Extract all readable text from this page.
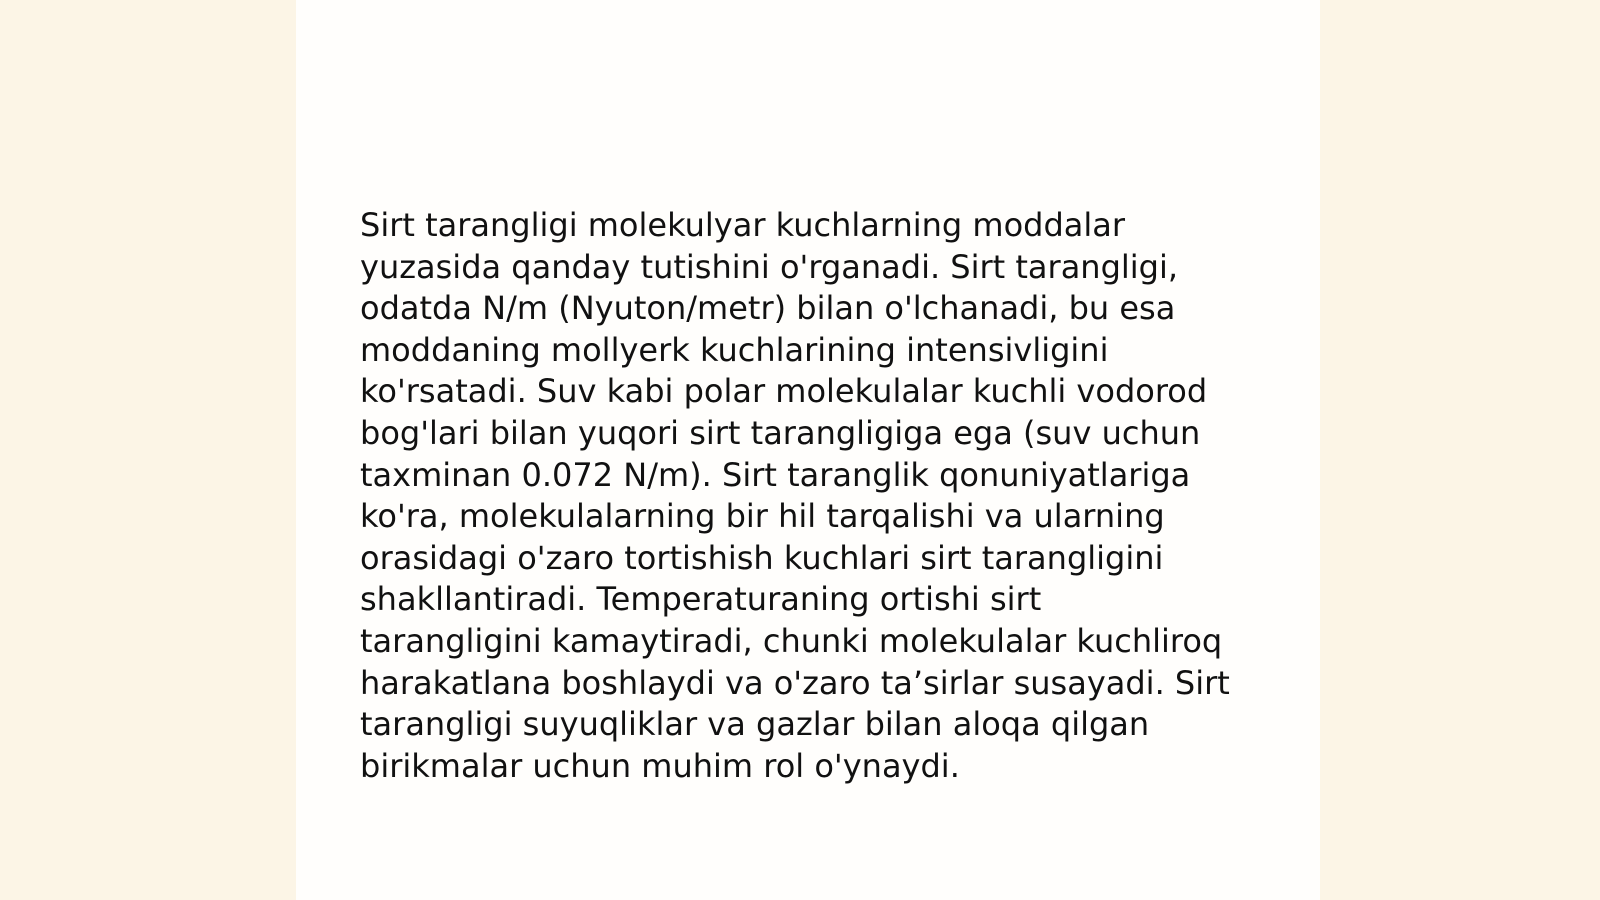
Sirt tarangligi molekulyar kuchlarning moddalar
yuzasida qanday tutishini o'rganadi. Sirt tarangligi,
odatda N/m (Nyuton/metr) bilan o'lchanadi, bu esa
moddaning mollyerk kuchlarining intensivligini
ko'rsatadi. Suv kabi polar molekulalar kuchli vodorod
bog'lari bilan yuqori sirt tarangligiga ega (suv uchun
taxminan 0.072 N/m). Sirt taranglik qonuniyatlariga
ko'ra, molekulalarning bir hil tarqalishi va ularning
orasidagi o'zaro tortishish kuchlari sirt tarangligini
shakllantiradi. Temperaturaning ortishi sirt
tarangligini kamaytiradi, chunki molekulalar kuchliroq
harakatlana boshlaydi va o'zaro ta’sirlar susayadi. Sirt
tarangligi suyuqliklar va gazlar bilan aloqa qilgan
birikmalar uchun muhim rol o'ynaydi.
